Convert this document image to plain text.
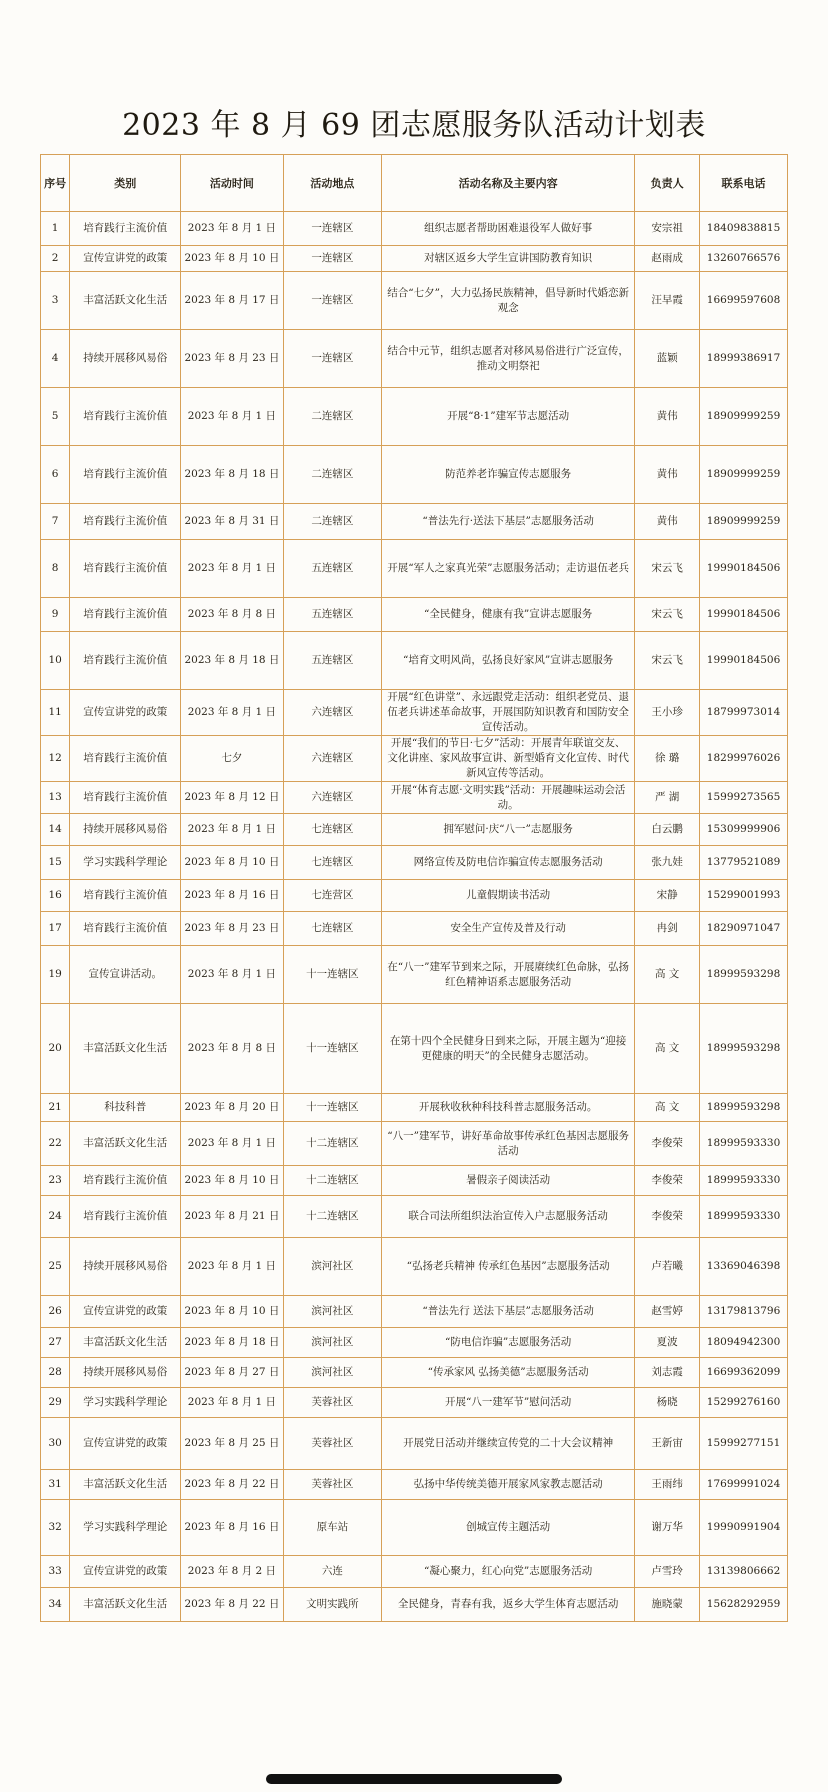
2023 年 8 月 69 团志愿服务队活动计划表
序号	类别	活动时间	活动地点	活动名称及主要内容	负责人	联系电话
1	培育践行主流价值	2023 年 8 月 1 日	一连辖区	组织志愿者帮助困难退役军人做好事	安宗祖	18409838815
2	宣传宣讲党的政策	2023 年 8 月 10 日	一连辖区	对辖区返乡大学生宣讲国防教育知识	赵雨成	13260766576
3	丰富活跃文化生活	2023 年 8 月 17 日	一连辖区	结合“七夕”，大力弘扬民族精神，倡导新时代婚恋新观念	汪早霞	16699597608
4	持续开展移风易俗	2023 年 8 月 23 日	一连辖区	结合中元节，组织志愿者对移风易俗进行广泛宣传，推动文明祭祀	蓝颖	18999386917
5	培育践行主流价值	2023 年 8 月 1 日	二连辖区	开展“8·1”建军节志愿活动	黄伟	18909999259
6	培育践行主流价值	2023 年 8 月 18 日	二连辖区	防范养老诈骗宣传志愿服务	黄伟	18909999259
7	培育践行主流价值	2023 年 8 月 31 日	二连辖区	“普法先行·送法下基层”志愿服务活动	黄伟	18909999259
8	培育践行主流价值	2023 年 8 月 1 日	五连辖区	开展“军人之家真光荣”志愿服务活动；走访退伍老兵	宋云飞	19990184506
9	培育践行主流价值	2023 年 8 月 8 日	五连辖区	“全民健身，健康有我”宣讲志愿服务	宋云飞	19990184506
10	培育践行主流价值	2023 年 8 月 18 日	五连辖区	“培育文明风尚，弘扬良好家风”宣讲志愿服务	宋云飞	19990184506
11	宣传宣讲党的政策	2023 年 8 月 1 日	六连辖区	开展“红色讲堂”、永远跟党走活动：组织老党员、退伍老兵讲述革命故事，开展国防知识教育和国防安全宣传活动。	王小珍	18799973014
12	培育践行主流价值	七夕	六连辖区	开展“我们的节日·七夕”活动：开展青年联谊交友、文化讲座、家风故事宣讲、新型婚育文化宣传、时代新风宣传等活动。	徐 璐	18299976026
13	培育践行主流价值	2023 年 8 月 12 日	六连辖区	开展“体育志愿·文明实践”活动：开展趣味运动会活动。	严 湖	15999273565
14	持续开展移风易俗	2023 年 8 月 1 日	七连辖区	拥军慰问·庆“八一”志愿服务	白云鹏	15309999906
15	学习实践科学理论	2023 年 8 月 10 日	七连辖区	网络宣传及防电信诈骗宣传志愿服务活动	张九娃	13779521089
16	培育践行主流价值	2023 年 8 月 16 日	七连营区	儿童假期读书活动	宋静	15299001993
17	培育践行主流价值	2023 年 8 月 23 日	七连辖区	安全生产宣传及普及行动	冉剑	18290971047
19	宣传宣讲活动。	2023 年 8 月 1 日	十一连辖区	在“八一”建军节到来之际，开展赓续红色命脉，弘扬红色精神语系志愿服务活动	高 文	18999593298
20	丰富活跃文化生活	2023 年 8 月 8 日	十一连辖区	在第十四个全民健身日到来之际，开展主题为“迎接更健康的明天”的全民健身志愿活动。	高 文	18999593298
21	科技科普	2023 年 8 月 20 日	十一连辖区	开展秋收秋种科技科普志愿服务活动。	高 文	18999593298
22	丰富活跃文化生活	2023 年 8 月 1 日	十二连辖区	“八一”建军节，讲好革命故事传承红色基因志愿服务活动	李俊荣	18999593330
23	培育践行主流价值	2023 年 8 月 10 日	十二连辖区	暑假亲子阅读活动	李俊荣	18999593330
24	培育践行主流价值	2023 年 8 月 21 日	十二连辖区	联合司法所组织法治宣传入户志愿服务活动	李俊荣	18999593330
25	持续开展移风易俗	2023 年 8 月 1 日	滨河社区	“弘扬老兵精神 传承红色基因”志愿服务活动	卢若曦	13369046398
26	宣传宣讲党的政策	2023 年 8 月 10 日	滨河社区	“普法先行 送法下基层”志愿服务活动	赵雪婷	13179813796
27	丰富活跃文化生活	2023 年 8 月 18 日	滨河社区	“防电信诈骗”志愿服务活动	夏波	18094942300
28	持续开展移风易俗	2023 年 8 月 27 日	滨河社区	“传承家风 弘扬美德”志愿服务活动	刘志霞	16699362099
29	学习实践科学理论	2023 年 8 月 1 日	芙蓉社区	开展“八一建军节”慰问活动	杨晓	15299276160
30	宣传宣讲党的政策	2023 年 8 月 25 日	芙蓉社区	开展党日活动并继续宣传党的二十大会议精神	王新宙	15999277151
31	丰富活跃文化生活	2023 年 8 月 22 日	芙蓉社区	弘扬中华传统美德开展家风家教志愿活动	王雨纬	17699991024
32	学习实践科学理论	2023 年 8 月 16 日	原车站	创城宣传主题活动	谢万华	19990991904
33	宣传宣讲党的政策	2023 年 8 月 2 日	六连	“凝心聚力，红心向党”志愿服务活动	卢雪玲	13139806662
34	丰富活跃文化生活	2023 年 8 月 22 日	文明实践所	全民健身，青春有我，返乡大学生体育志愿活动	施晓蒙	15628292959
